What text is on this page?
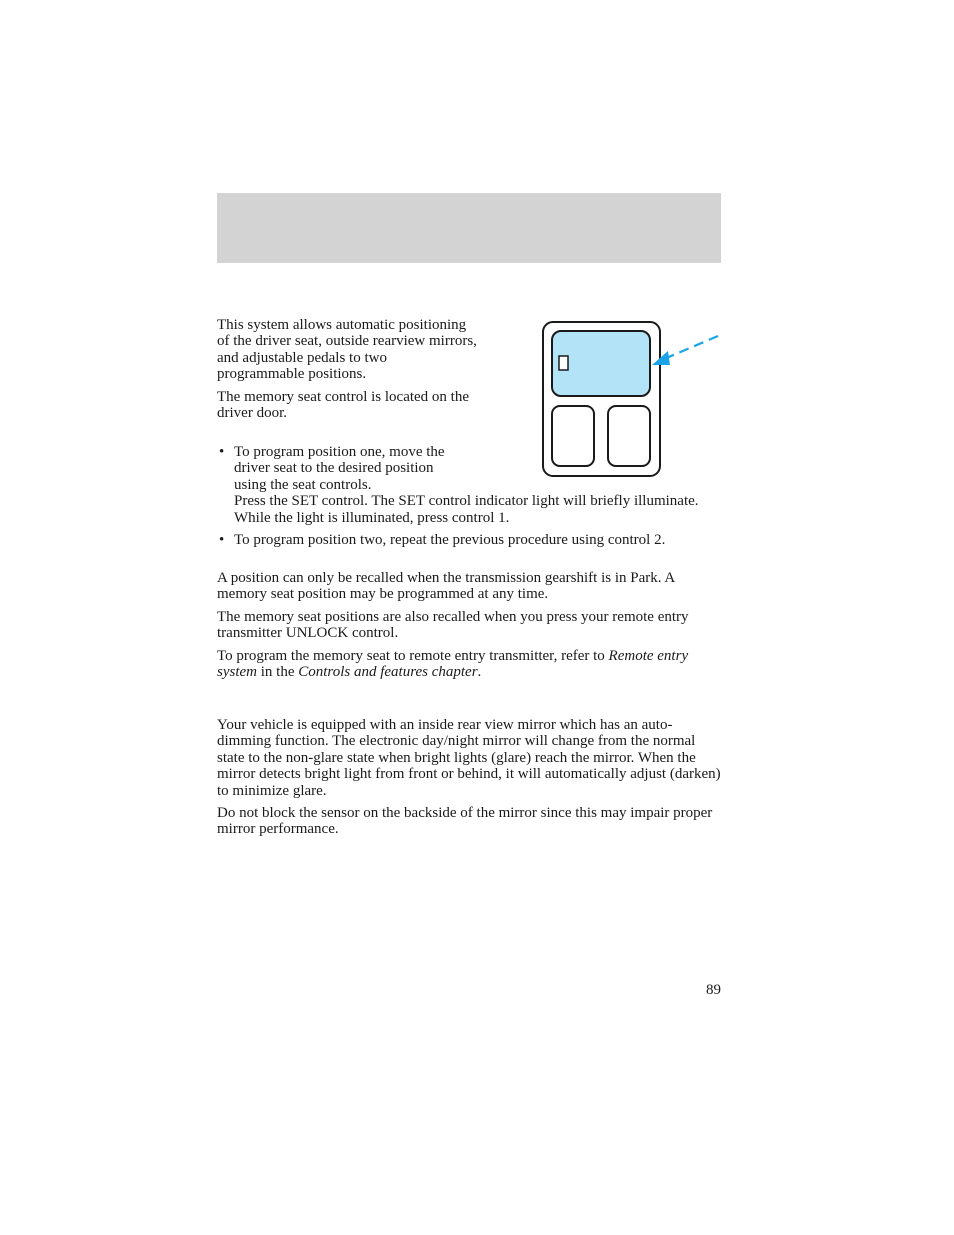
This system allows automatic positioning of the driver seat, outside rearview mirrors, and adjustable pedals to two programmable positions.

The memory seat control is located on the driver door.

• To program position one, move the driver seat to the desired position using the seat controls.
Press the SET control. The SET control indicator light will briefly illuminate. While the light is illuminated, press control 1.
• To program position two, repeat the previous procedure using control 2.

A position can only be recalled when the transmission gearshift is in Park. A memory seat position may be programmed at any time.

The memory seat positions are also recalled when you press your remote entry transmitter UNLOCK control.

To program the memory seat to remote entry transmitter, refer to Remote entry system in the Controls and features chapter.

Your vehicle is equipped with an inside rear view mirror which has an auto-dimming function. The electronic day/night mirror will change from the normal state to the non-glare state when bright lights (glare) reach the mirror. When the mirror detects bright light from front or behind, it will automatically adjust (darken) to minimize glare.

Do not block the sensor on the backside of the mirror since this may impair proper mirror performance.

89
